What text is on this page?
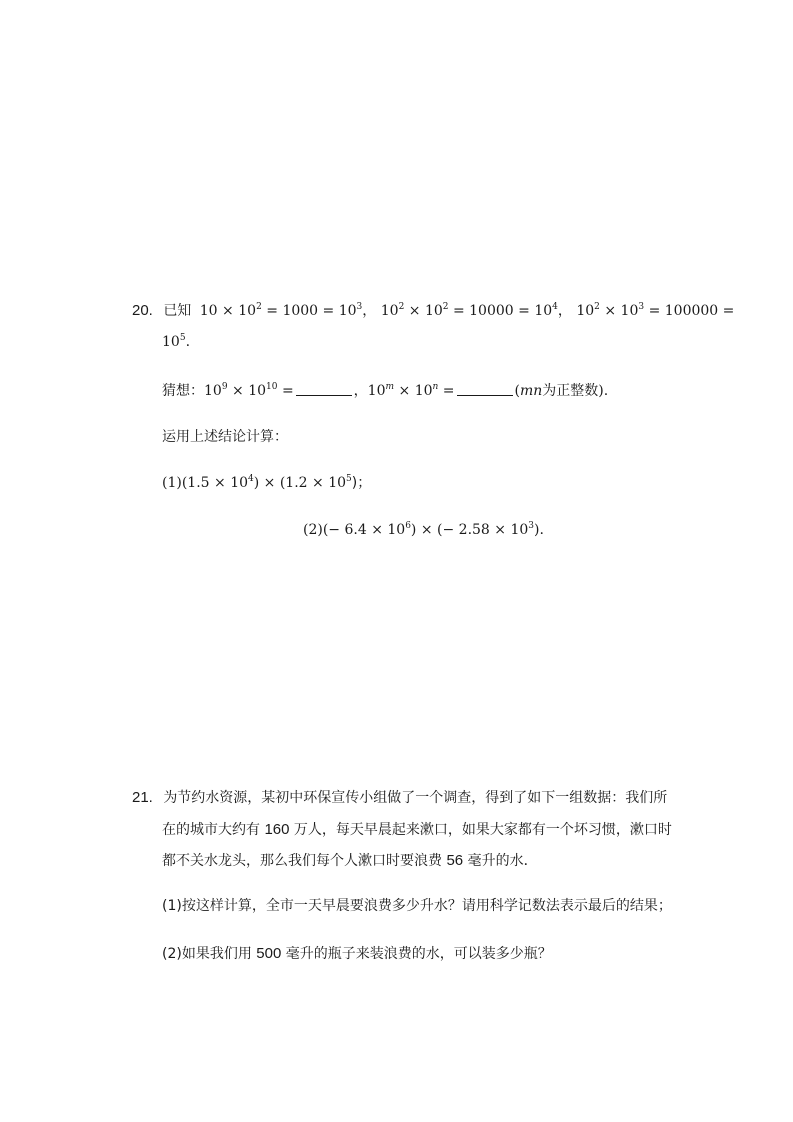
20. 已知 $10 \times 10^2 = 1000 = 10^3$， $10^2 \times 10^2 = 10000 = 10^4$， $10^2 \times 10^3 = 100000$ =
$10^5$.
猜想：$10^9 \times 10^{10}$ =	，$10^m \times 10^n$ =	(mn为正整数).
运用上述结论计算：
$(1)(1.5 \times 10^4) \times (1.2 \times 10^5)$；
$(2)(- 6.4 \times 10^6)$ × (− $2.58 \times 10^3$).
21. 为节约水资源，某初中环保宣传小组做了一个调查，得到了如下一组数据：我们所
在的城市大约有 160 万人，每天早晨起来漱口，如果大家都有一个坏习惯，漱口时
都不关水龙头，那么我们每个人漱口时要浪费 56 毫升的水．
(1)按这样计算，全市一天早晨要浪费多少升水？请用科学记数法表示最后的结果；
(2)如果我们用 500 毫升的瓶子来装浪费的水，可以装多少瓶？
